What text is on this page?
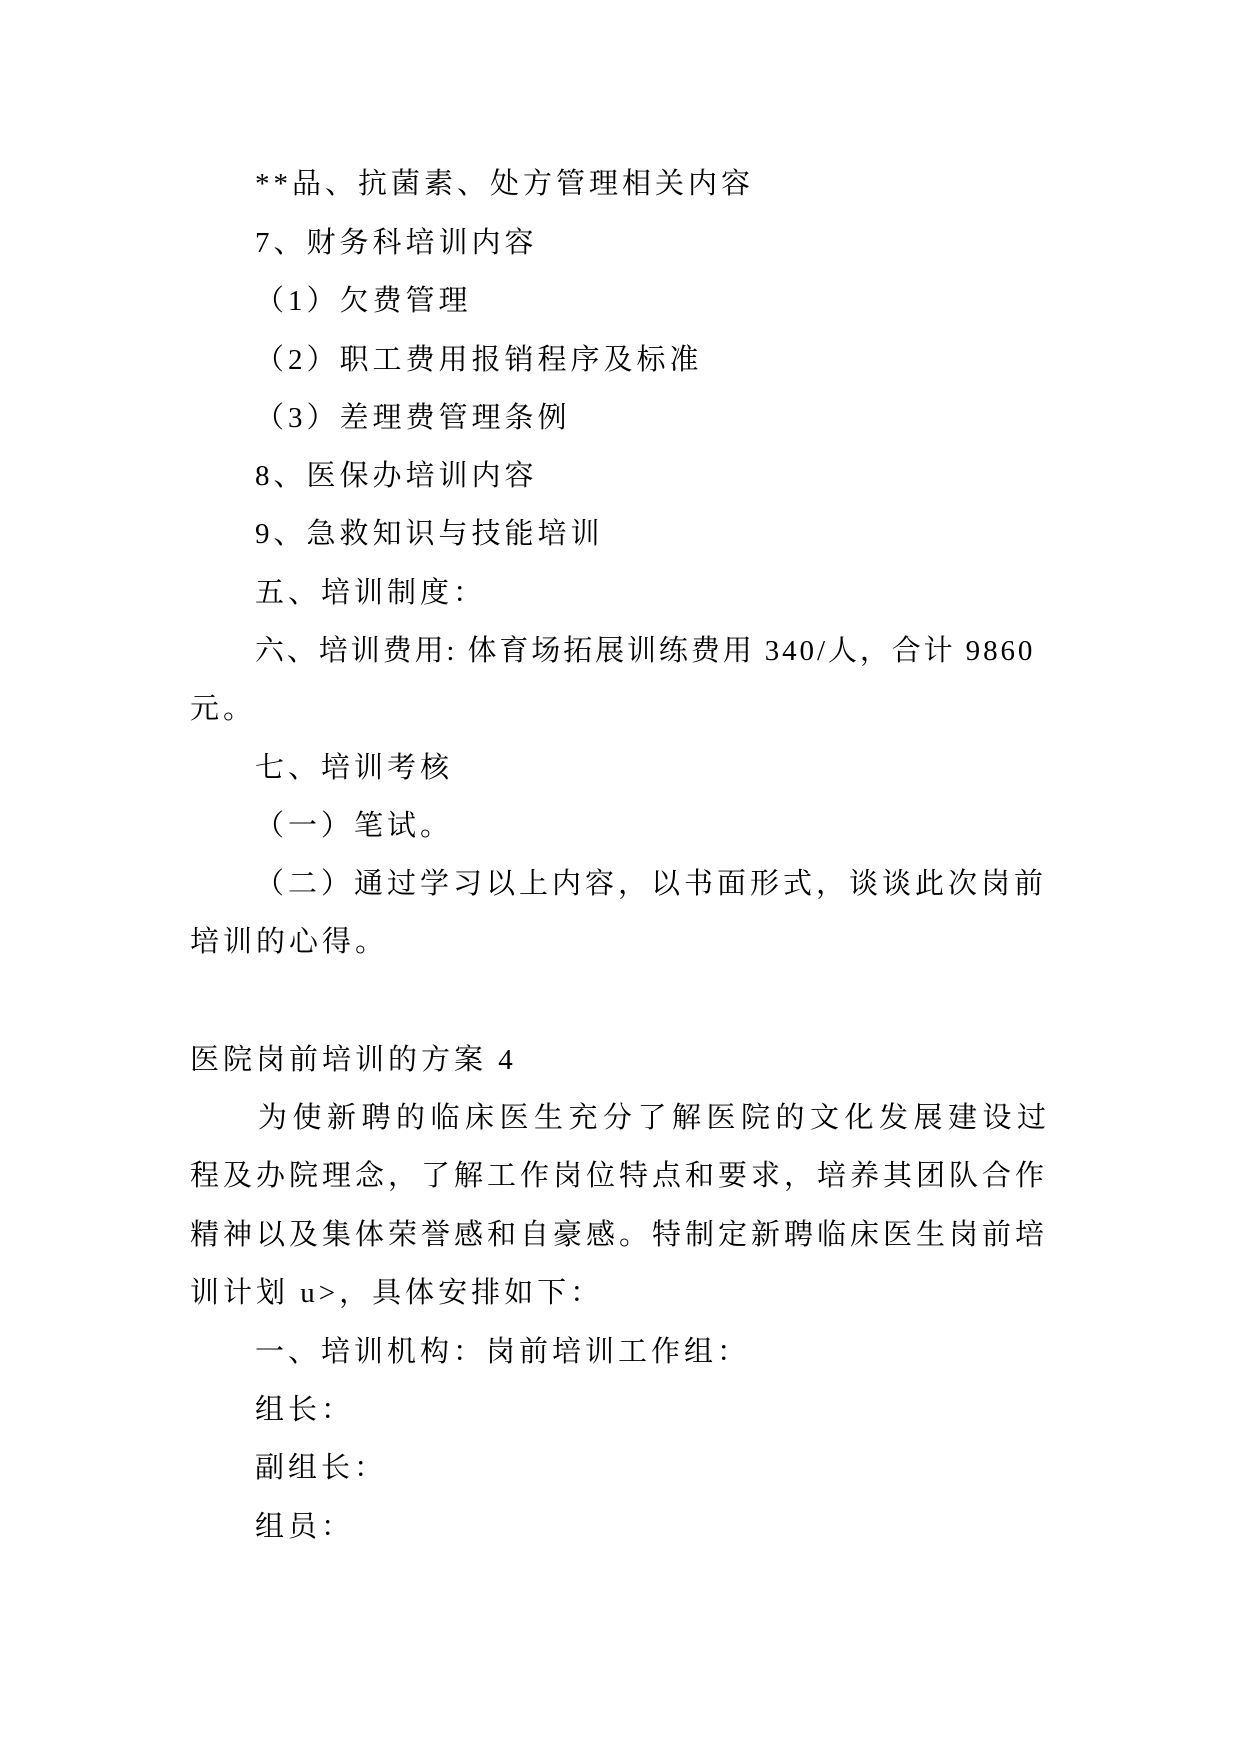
**品、抗菌素、处方管理相关内容
7、财务科培训内容
（1）欠费管理
（2）职工费用报销程序及标准
（3）差理费管理条例
8、医保办培训内容
9、急救知识与技能培训
五、培训制度：
六、培训费用: 体育场拓展训练费用 340/人，合计 9860
元。
七、培训考核
（一）笔试。
（二）通过学习以上内容，以书面形式，谈谈此次岗前
培训的心得。
医院岗前培训的方案 4
为使新聘的临床医生充分了解医院的文化发展建设过
程及办院理念，了解工作岗位特点和要求，培养其团队合作
精神以及集体荣誉感和自豪感。特制定新聘临床医生岗前培
训计划 u>，具体安排如下：
一、培训机构：岗前培训工作组：
组长：
副组长：
组员：
